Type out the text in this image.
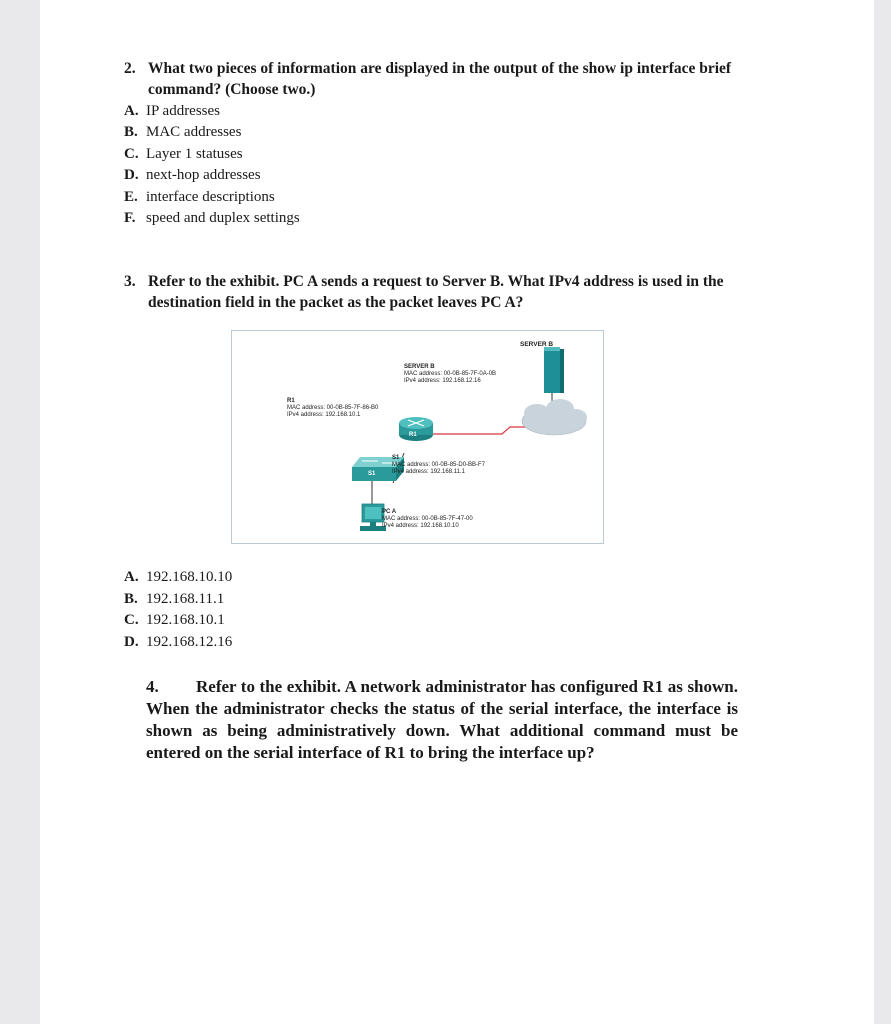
2. What two pieces of information are displayed in the output of the show ip interface brief command? (Choose two.)
A. IP addresses
B. MAC addresses
C. Layer 1 statuses
D. next-hop addresses
E. interface descriptions
F. speed and duplex settings
3. Refer to the exhibit. PC A sends a request to Server B. What IPv4 address is used in the destination field in the packet as the packet leaves PC A?
SERVER B
SERVER B
MAC address: 00-0B-85-7F-0A-0B
IPv4 address: 192.168.12.16
R1
MAC address: 00-0B-85-7F-86-B0
IPv4 address: 192.168.10.1
R1
S1
MAC address: 00-0B-85-D0-BB-F7
IPv4 address: 192.168.11.1
S1
PC A
MAC address: 00-0B-85-7F-47-00
IPv4 address: 192.168.10.10
A. 192.168.10.10
B. 192.168.11.1
C. 192.168.10.1
D. 192.168.12.16
4.	Refer to the exhibit. A network administrator has configured R1 as shown. When the administrator checks the status of the serial interface, the interface is shown as being administratively down. What additional command must be entered on the serial interface of R1 to bring the interface up?
